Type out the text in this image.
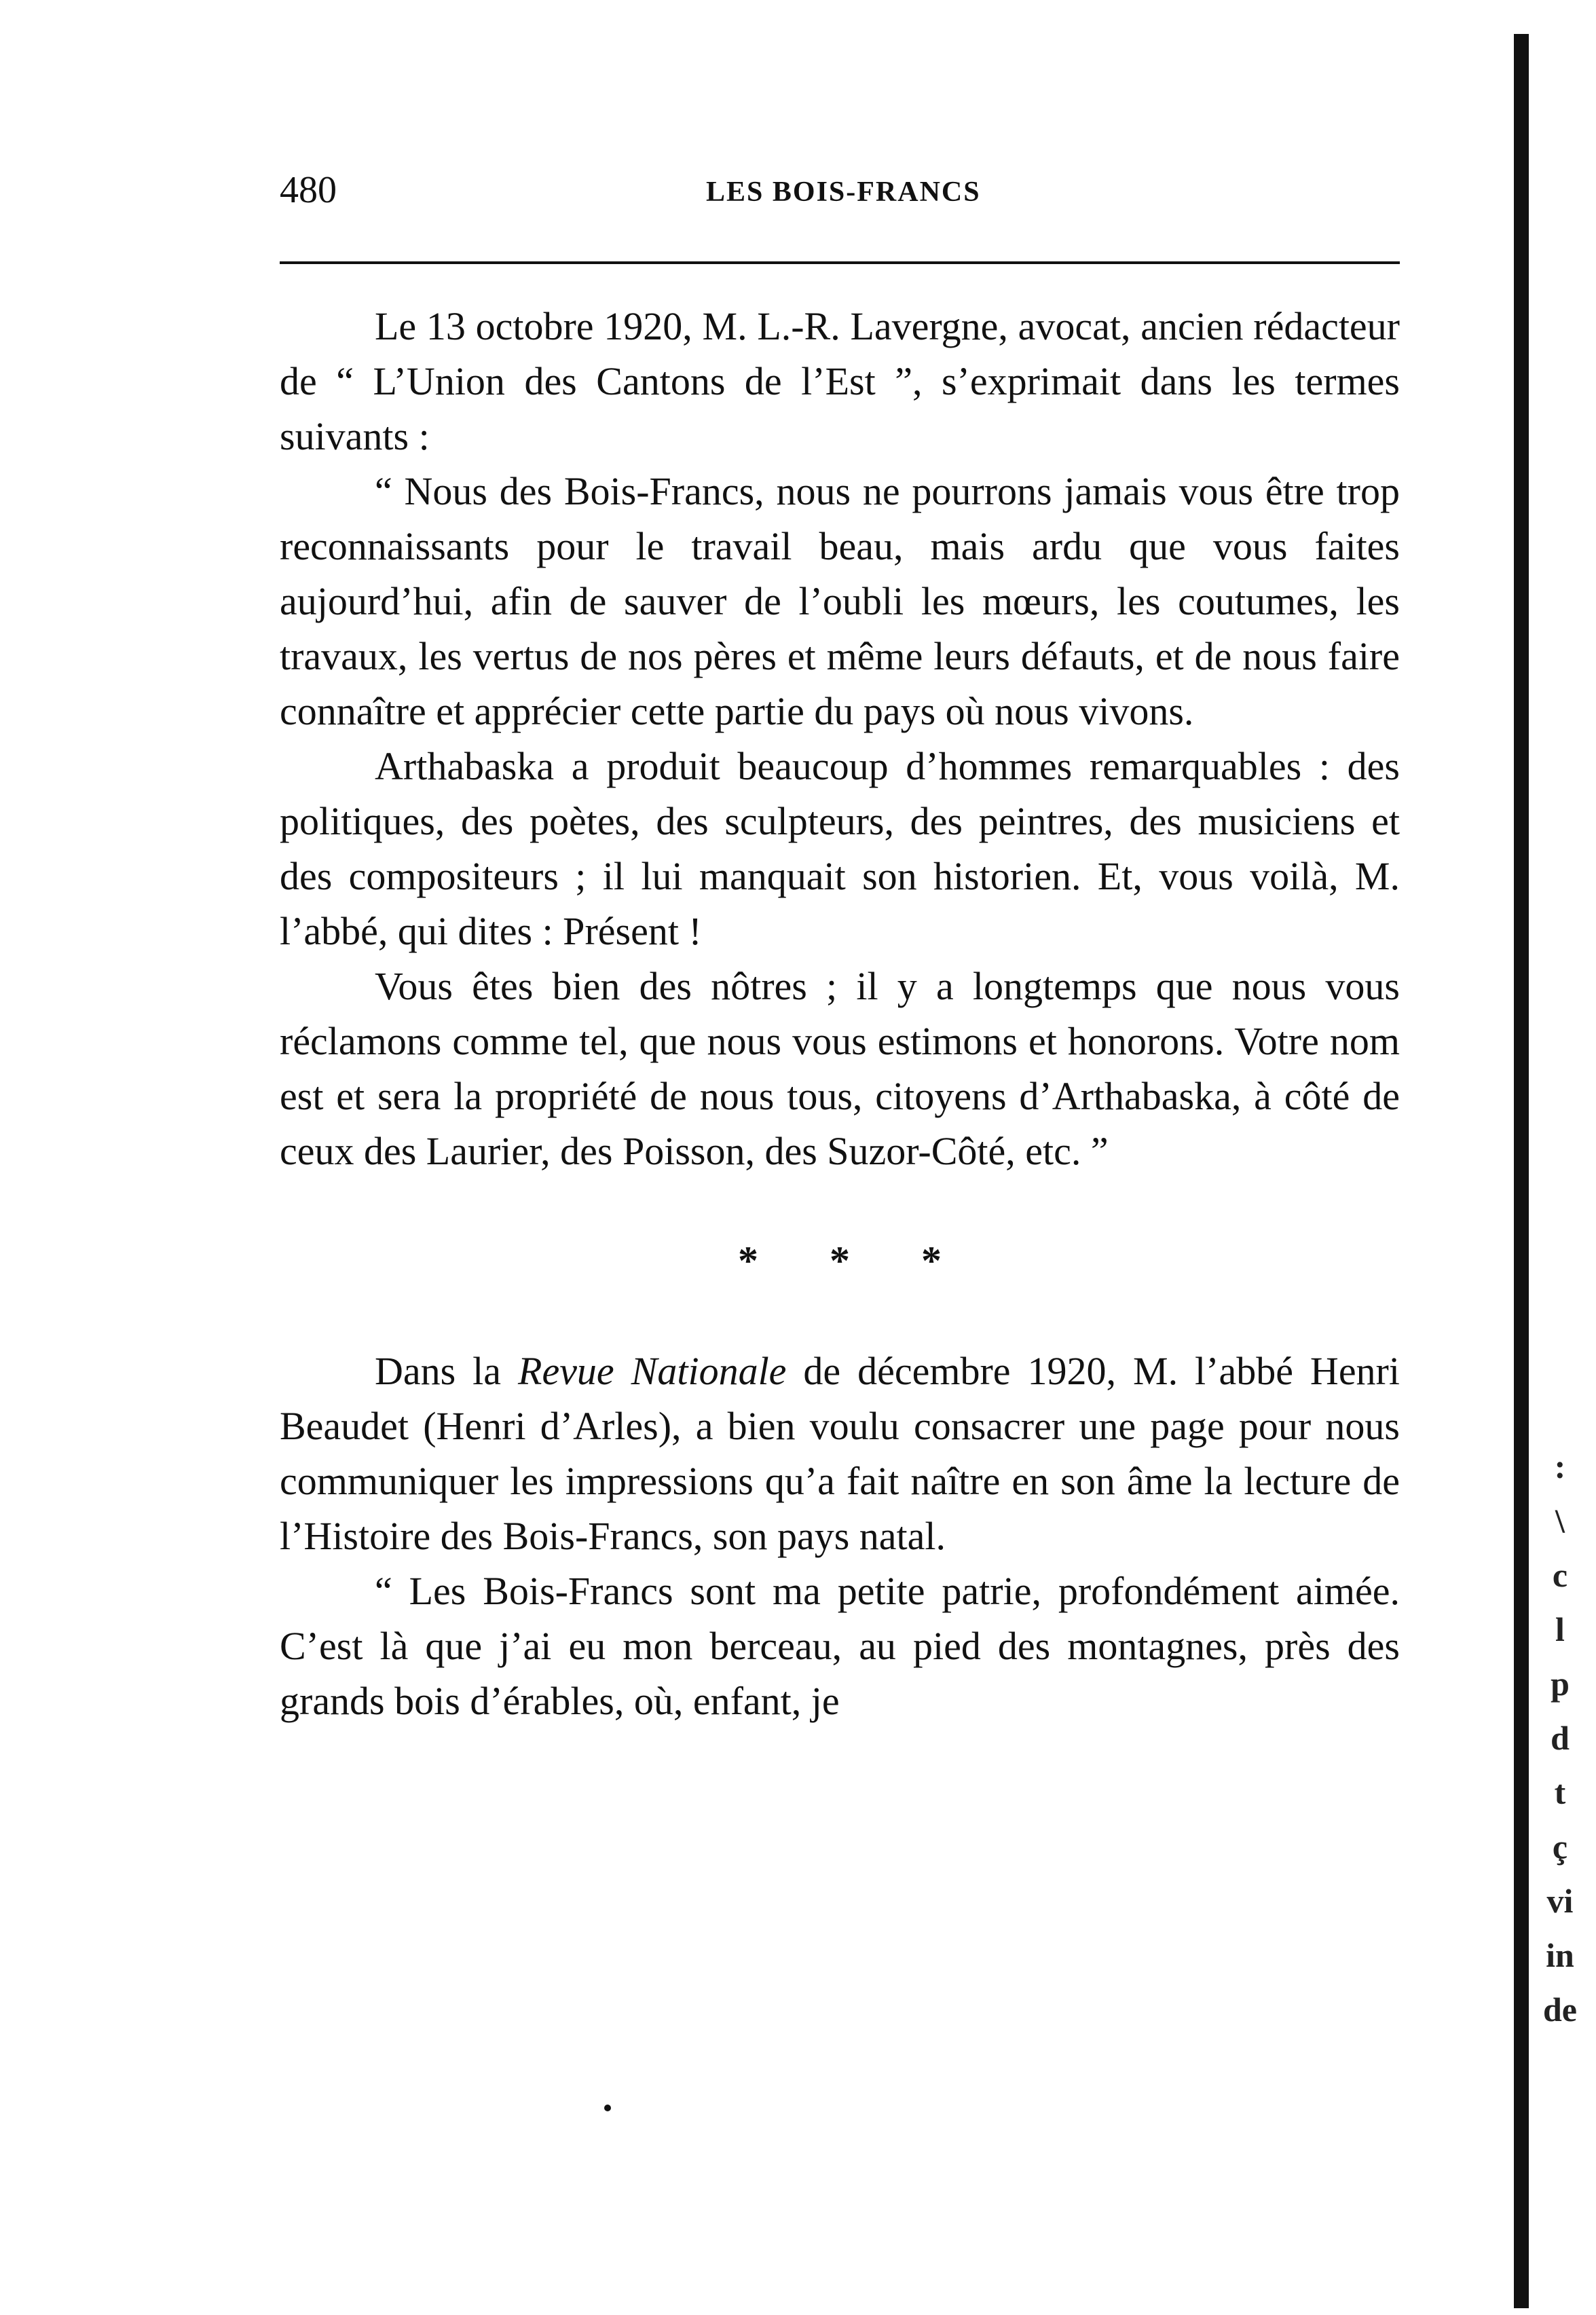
480	LES BOIS-FRANCS

Le 13 octobre 1920, M. L.-R. Lavergne, avocat, ancien rédacteur de “ L’Union des Cantons de l’Est ”, s’exprimait dans les termes suivants :

“ Nous des Bois-Francs, nous ne pourrons jamais vous être trop reconnaissants pour le travail beau, mais ardu que vous faites aujourd’hui, afin de sauver de l’oubli les mœurs, les coutumes, les travaux, les vertus de nos pères et même leurs défauts, et de nous faire connaître et apprécier cette partie du pays où nous vivons.

Arthabaska a produit beaucoup d’hommes remarquables : des politiques, des poètes, des sculpteurs, des peintres, des musiciens et des compositeurs ; il lui manquait son historien. Et, vous voilà, M. l’abbé, qui dites : Présent !

Vous êtes bien des nôtres ; il y a longtemps que nous vous réclamons comme tel, que nous vous estimons et honorons. Votre nom est et sera la propriété de nous tous, citoyens d’Arthabaska, à côté de ceux des Laurier, des Poisson, des Suzor-Côté, etc. ”

* * *

Dans la Revue Nationale de décembre 1920, M. l’abbé Henri Beaudet (Henri d’Arles), a bien voulu consacrer une page pour nous communiquer les impressions qu’a fait naître en son âme la lecture de l’Histoire des Bois-Francs, son pays natal.

“ Les Bois-Francs sont ma petite patrie, profondément aimée. C’est là que j’ai eu mon berceau, au pied des montagnes, près des grands bois d’érables, où, enfant, je

:
\
c
l
p
d
t
ç
vi
in
de
